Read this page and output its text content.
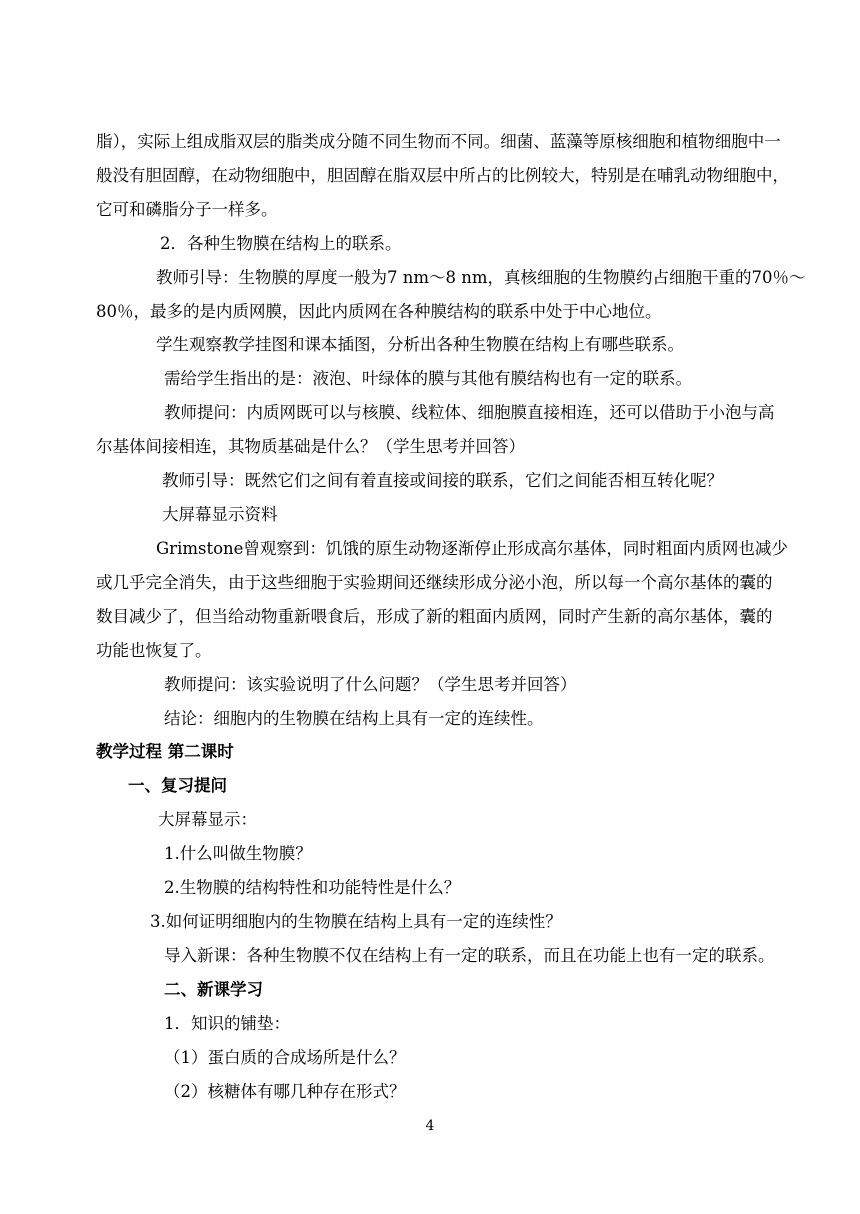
脂），实际上组成脂双层的脂类成分随不同生物而不同。细菌、蓝藻等原核细胞和植物细胞中一

般没有胆固醇，在动物细胞中，胆固醇在脂双层中所占的比例较大，特别是在哺乳动物细胞中，

它可和磷脂分子一样多。

2．各种生物膜在结构上的联系。

教师引导：生物膜的厚度一般为7 nm～8 nm，真核细胞的生物膜约占细胞干重的70％～

80％，最多的是内质网膜，因此内质网在各种膜结构的联系中处于中心地位。

学生观察教学挂图和课本插图，分析出各种生物膜在结构上有哪些联系。

需给学生指出的是：液泡、叶绿体的膜与其他有膜结构也有一定的联系。

教师提问：内质网既可以与核膜、线粒体、细胞膜直接相连，还可以借助于小泡与高

尔基体间接相连，其物质基础是什么？（学生思考并回答）

教师引导：既然它们之间有着直接或间接的联系，它们之间能否相互转化呢？

大屏幕显示资料

Grimstone曾观察到：饥饿的原生动物逐渐停止形成高尔基体，同时粗面内质网也减少

或几乎完全消失，由于这些细胞于实验期间还继续形成分泌小泡，所以每一个高尔基体的囊的

数目减少了，但当给动物重新喂食后，形成了新的粗面内质网，同时产生新的高尔基体，囊的

功能也恢复了。

教师提问：该实验说明了什么问题？（学生思考并回答）

结论：细胞内的生物膜在结构上具有一定的连续性。

教学过程 第二课时

一、复习提问

大屏幕显示：

1.什么叫做生物膜？

2.生物膜的结构特性和功能特性是什么？

3.如何证明细胞内的生物膜在结构上具有一定的连续性？

导入新课：各种生物膜不仅在结构上有一定的联系，而且在功能上也有一定的联系。

二、新课学习

1．知识的铺垫：

（1）蛋白质的合成场所是什么？

（2）核糖体有哪几种存在形式？

4
